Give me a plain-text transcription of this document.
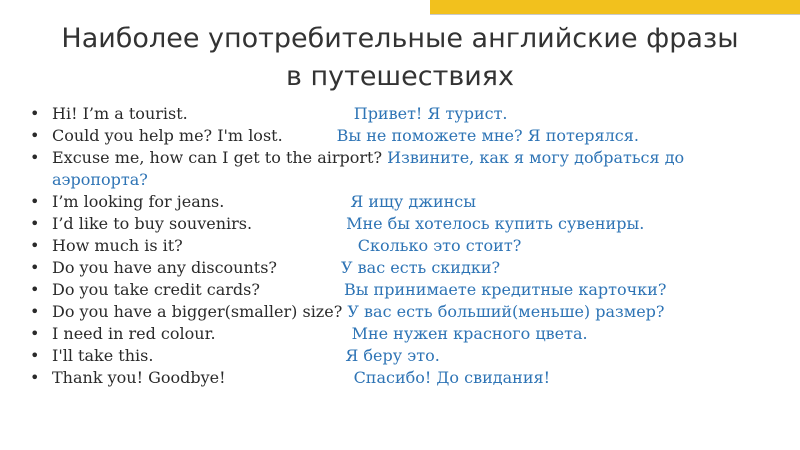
Наиболее употребительные английские фразы
в путешествиях
• Hi! I’m a tourist.	Привет! Я турист.
• Could you help me? I'm lost.	Вы не поможете мне? Я потерялся.
• Excuse me, how can I get to the airport? Извините, как я могу добраться до
аэропорта?
• I’m looking for jeans.	Я ищу джинсы
• I’d like to buy souvenirs.	Мне бы хотелось купить сувениры.
• How much is it?	Сколько это стоит?
• Do you have any discounts?	У вас есть скидки?
• Do you take credit cards?	Вы принимаете кредитные карточки?
• Do you have a bigger(smaller) size? У вас есть больший(меньше) размер?
• I need in red colour.	Мне нужен красного цвета.
• I'll take this.	Я беру это.
• Thank you! Goodbye!	Спасибо! До свидания!
